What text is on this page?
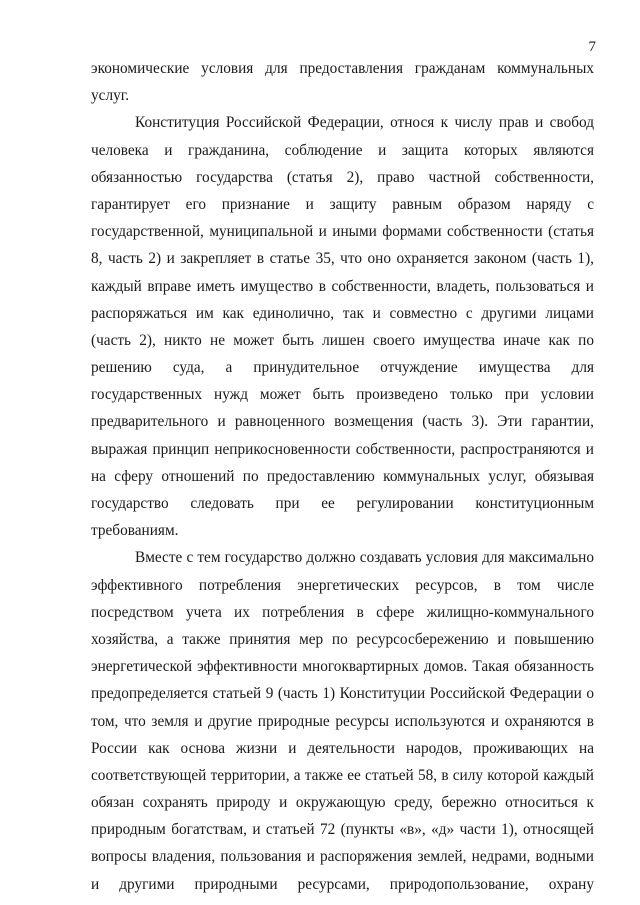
7
экономические условия для предоставления гражданам коммунальных
услуг.
Конституция Российской Федерации, относя к числу прав и свобод
человека и гражданина, соблюдение и защита которых являются
обязанностью государства (статья 2), право частной собственности,
гарантирует его признание и защиту равным образом наряду с
государственной, муниципальной и иными формами собственности (статья
8, часть 2) и закрепляет в статье 35, что оно охраняется законом (часть 1),
каждый вправе иметь имущество в собственности, владеть, пользоваться и
распоряжаться им как единолично, так и совместно с другими лицами
(часть 2), никто не может быть лишен своего имущества иначе как по
решению суда, а принудительное отчуждение имущества для
государственных нужд может быть произведено только при условии
предварительного и равноценного возмещения (часть 3). Эти гарантии,
выражая принцип неприкосновенности собственности, распространяются и
на сферу отношений по предоставлению коммунальных услуг, обязывая
государство следовать при ее регулировании конституционным
требованиям.
Вместе с тем государство должно создавать условия для максимально
эффективного потребления энергетических ресурсов, в том числе
посредством учета их потребления в сфере жилищно-коммунального
хозяйства, а также принятия мер по ресурсосбережению и повышению
энергетической эффективности многоквартирных домов. Такая обязанность
предопределяется статьей 9 (часть 1) Конституции Российской Федерации о
том, что земля и другие природные ресурсы используются и охраняются в
России как основа жизни и деятельности народов, проживающих на
соответствующей территории, а также ее статьей 58, в силу которой каждый
обязан сохранять природу и окружающую среду, бережно относиться к
природным богатствам, и статьей 72 (пункты «в», «д» части 1), относящей
вопросы владения, пользования и распоряжения землей, недрами, водными
и другими природными ресурсами, природопользование, охрану
